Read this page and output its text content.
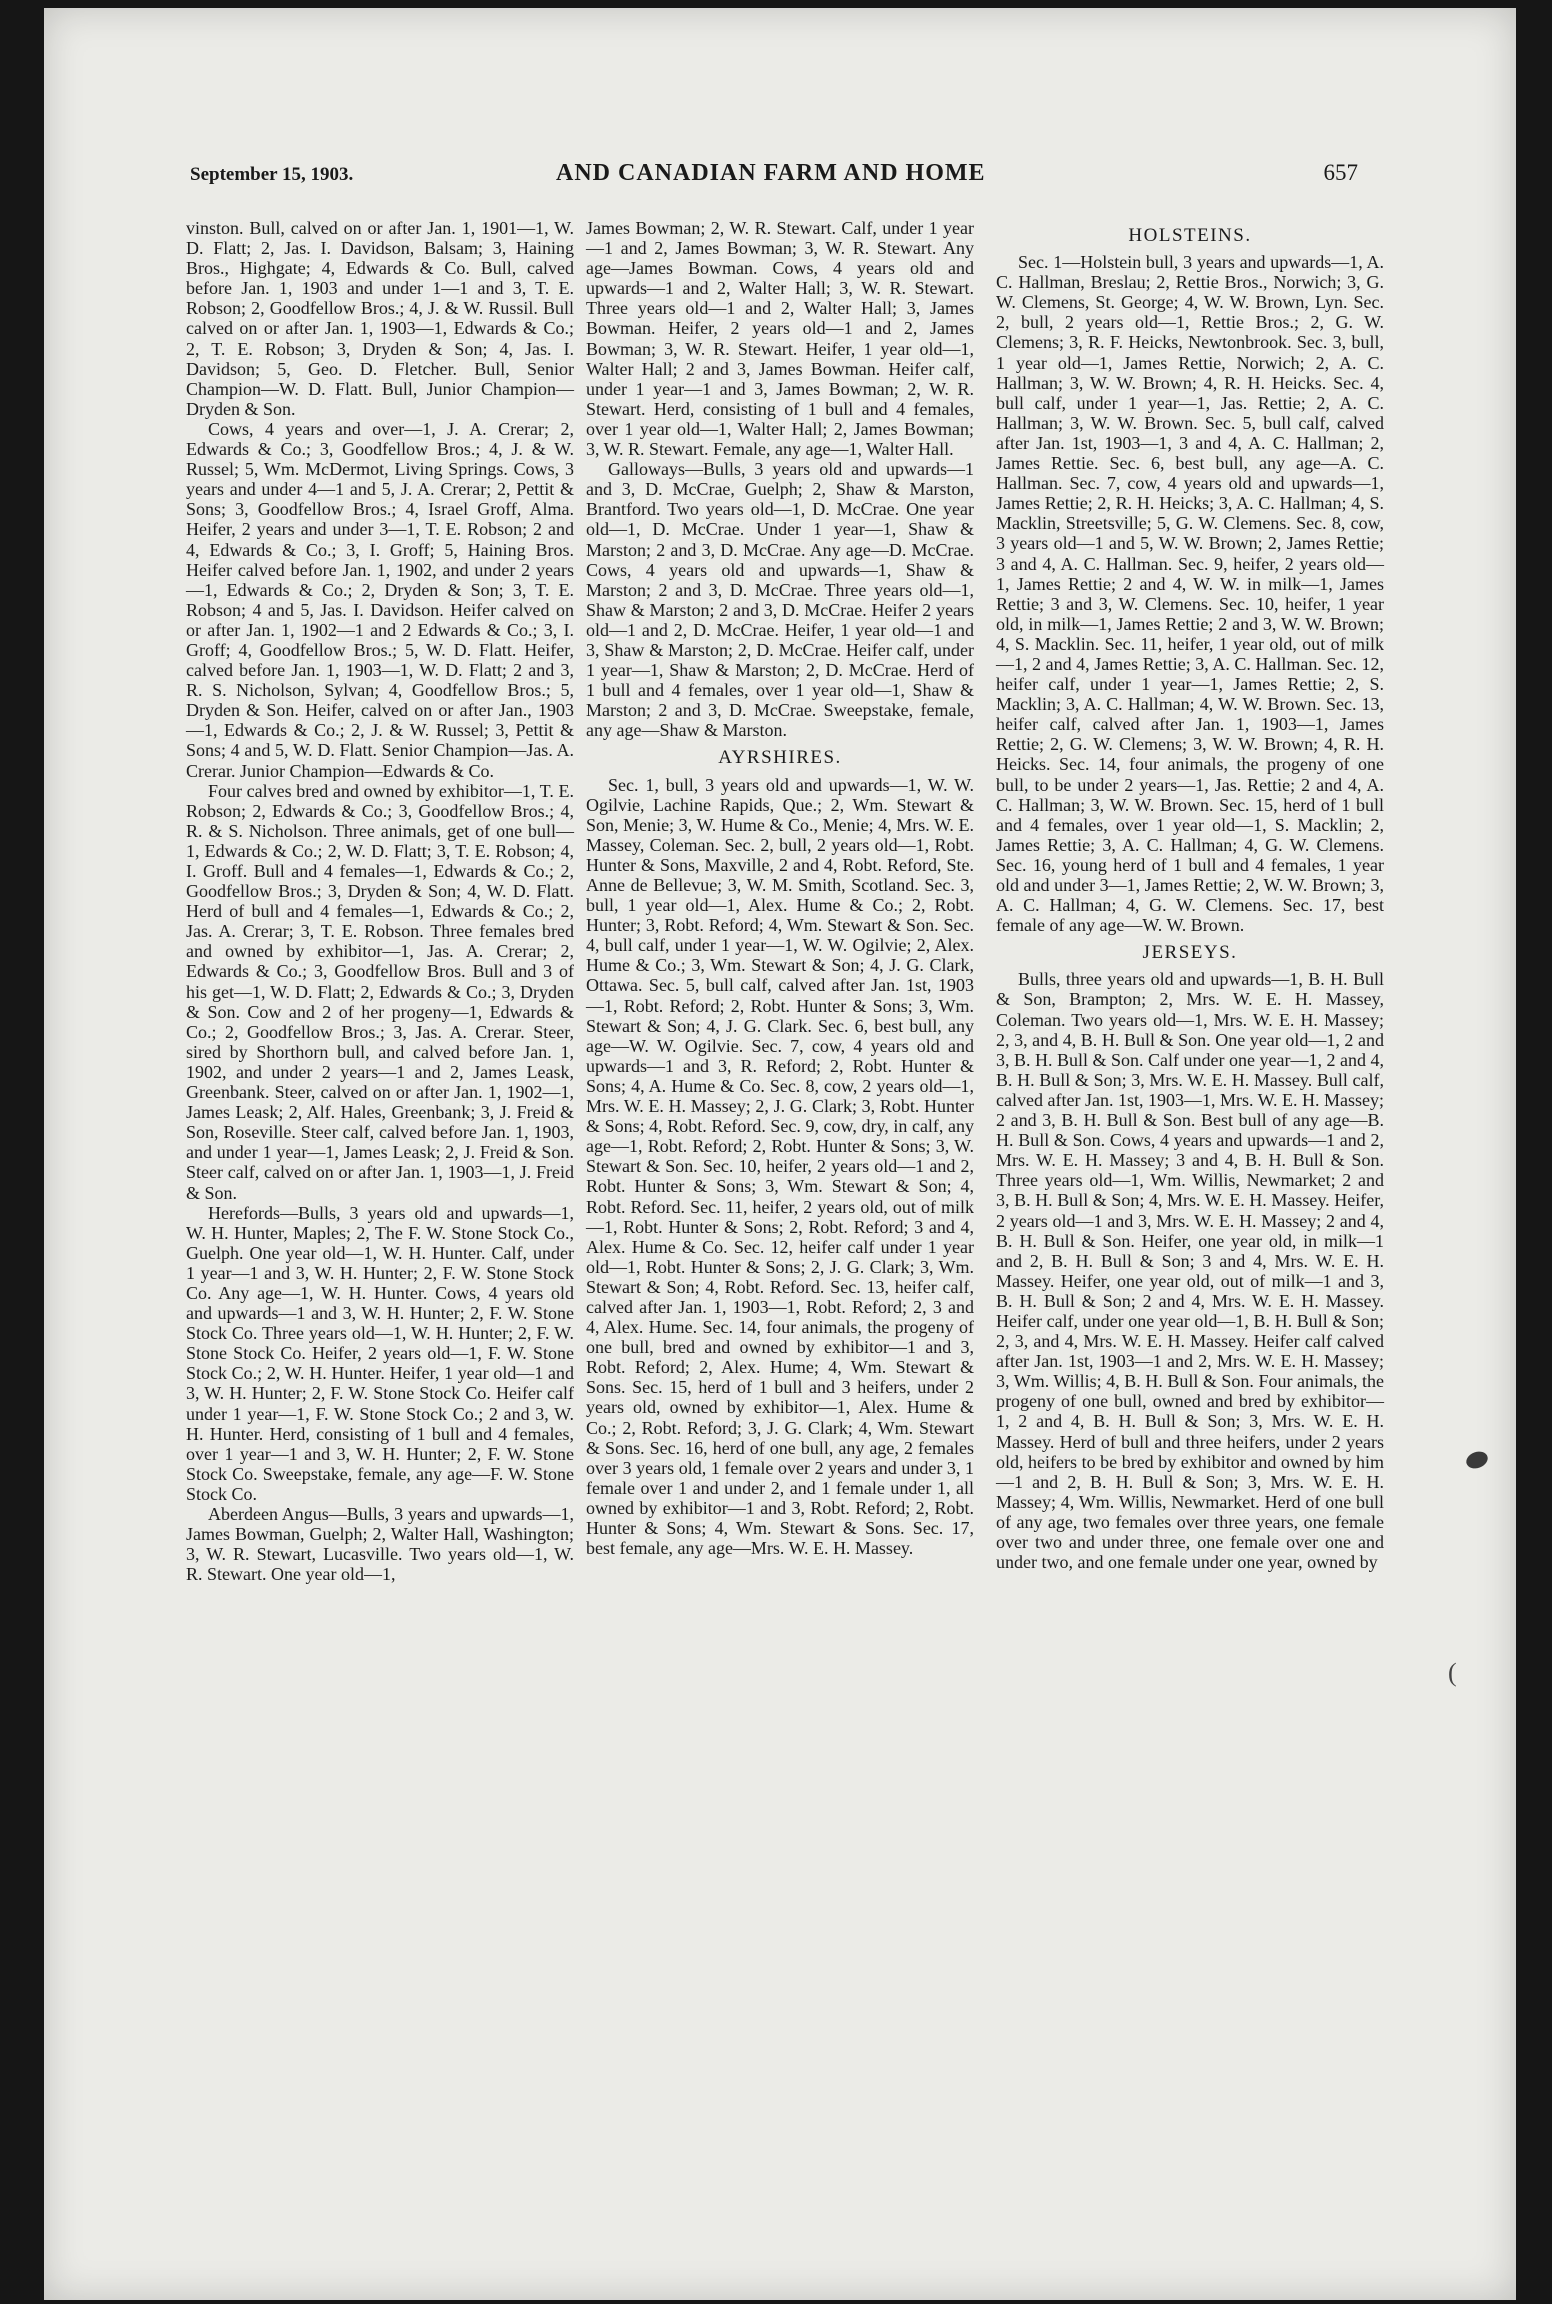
September 15, 1903.	AND CANADIAN FARM AND HOME	657

vinston. Bull, calved on or after Jan. 1, 1901—1, W. D. Flatt; 2, Jas. I. Davidson, Balsam; 3, Haining Bros., Highgate; 4, Edwards & Co. Bull, calved before Jan. 1, 1903 and under 1—1 and 3, T. E. Robson; 2, Goodfellow Bros.; 4, J. & W. Russil. Bull calved on or after Jan. 1, 1903—1, Edwards & Co.; 2, T. E. Robson; 3, Dryden & Son; 4, Jas. I. Davidson; 5, Geo. D. Fletcher. Bull, Senior Champion—W. D. Flatt. Bull, Junior Champion—Dryden & Son.

Cows, 4 years and over—1, J. A. Crerar; 2, Edwards & Co.; 3, Goodfellow Bros.; 4, J. & W. Russel; 5, Wm. McDermot, Living Springs. Cows, 3 years and under 4—1 and 5, J. A. Crerar; 2, Pettit & Sons; 3, Goodfellow Bros.; 4, Israel Groff, Alma. Heifer, 2 years and under 3—1, T. E. Robson; 2 and 4, Edwards & Co.; 3, I. Groff; 5, Haining Bros. Heifer calved before Jan. 1, 1902, and under 2 years—1, Edwards & Co.; 2, Dryden & Son; 3, T. E. Robson; 4 and 5, Jas. I. Davidson. Heifer calved on or after Jan. 1, 1902—1 and 2 Edwards & Co.; 3, I. Groff; 4, Goodfellow Bros.; 5, W. D. Flatt. Heifer, calved before Jan. 1, 1903—1, W. D. Flatt; 2 and 3, R. S. Nicholson, Sylvan; 4, Goodfellow Bros.; 5, Dryden & Son. Heifer, calved on or after Jan., 1903—1, Edwards & Co.; 2, J. & W. Russel; 3, Pettit & Sons; 4 and 5, W. D. Flatt. Senior Champion—Jas. A. Crerar. Junior Champion—Edwards & Co.

Four calves bred and owned by exhibitor—1, T. E. Robson; 2, Edwards & Co.; 3, Goodfellow Bros.; 4, R. & S. Nicholson. Three animals, get of one bull—1, Edwards & Co.; 2, W. D. Flatt; 3, T. E. Robson; 4, I. Groff. Bull and 4 females—1, Edwards & Co.; 2, Goodfellow Bros.; 3, Dryden & Son; 4, W. D. Flatt. Herd of bull and 4 females—1, Edwards & Co.; 2, Jas. A. Crerar; 3, T. E. Robson. Three females bred and owned by exhibitor—1, Jas. A. Crerar; 2, Edwards & Co.; 3, Goodfellow Bros. Bull and 3 of his get—1, W. D. Flatt; 2, Edwards & Co.; 3, Dryden & Son. Cow and 2 of her progeny—1, Edwards & Co.; 2, Goodfellow Bros.; 3, Jas. A. Crerar. Steer, sired by Shorthorn bull, and calved before Jan. 1, 1902, and under 2 years—1 and 2, James Leask, Greenbank. Steer, calved on or after Jan. 1, 1902—1, James Leask; 2, Alf. Hales, Greenbank; 3, J. Freid & Son, Roseville. Steer calf, calved before Jan. 1, 1903, and under 1 year—1, James Leask; 2, J. Freid & Son. Steer calf, calved on or after Jan. 1, 1903—1, J. Freid & Son.

Herefords—Bulls, 3 years old and upwards—1, W. H. Hunter, Maples; 2, The F. W. Stone Stock Co., Guelph. One year old—1, W. H. Hunter. Calf, under 1 year—1 and 3, W. H. Hunter; 2, F. W. Stone Stock Co. Any age—1, W. H. Hunter. Cows, 4 years old and upwards—1 and 3, W. H. Hunter; 2, F. W. Stone Stock Co. Three years old—1, W. H. Hunter; 2, F. W. Stone Stock Co. Heifer, 2 years old—1, F. W. Stone Stock Co.; 2, W. H. Hunter. Heifer, 1 year old—1 and 3, W. H. Hunter; 2, F. W. Stone Stock Co. Heifer calf under 1 year—1, F. W. Stone Stock Co.; 2 and 3, W. H. Hunter. Herd, consisting of 1 bull and 4 females, over 1 year—1 and 3, W. H. Hunter; 2, F. W. Stone Stock Co. Sweepstake, female, any age—F. W. Stone Stock Co.

Aberdeen Angus—Bulls, 3 years and upwards—1, James Bowman, Guelph; 2, Walter Hall, Washington; 3, W. R. Stewart, Lucasville. Two years old—1, W. R. Stewart. One year old—1,

James Bowman; 2, W. R. Stewart. Calf, under 1 year—1 and 2, James Bowman; 3, W. R. Stewart. Any age—James Bowman. Cows, 4 years old and upwards—1 and 2, Walter Hall; 3, W. R. Stewart. Three years old—1 and 2, Walter Hall; 3, James Bowman. Heifer, 2 years old—1 and 2, James Bowman; 3, W. R. Stewart. Heifer, 1 year old—1, Walter Hall; 2 and 3, James Bowman. Heifer calf, under 1 year—1 and 3, James Bowman; 2, W. R. Stewart. Herd, consisting of 1 bull and 4 females, over 1 year old—1, Walter Hall; 2, James Bowman; 3, W. R. Stewart. Female, any age—1, Walter Hall.

Galloways—Bulls, 3 years old and upwards—1 and 3, D. McCrae, Guelph; 2, Shaw & Marston, Brantford. Two years old—1, D. McCrae. One year old—1, D. McCrae. Under 1 year—1, Shaw & Marston; 2 and 3, D. McCrae. Any age—D. McCrae. Cows, 4 years old and upwards—1, Shaw & Marston; 2 and 3, D. McCrae. Three years old—1, Shaw & Marston; 2 and 3, D. McCrae. Heifer 2 years old—1 and 2, D. McCrae. Heifer, 1 year old—1 and 3, Shaw & Marston; 2, D. McCrae. Heifer calf, under 1 year—1, Shaw & Marston; 2, D. McCrae. Herd of 1 bull and 4 females, over 1 year old—1, Shaw & Marston; 2 and 3, D. McCrae. Sweepstake, female, any age—Shaw & Marston.

AYRSHIRES.

Sec. 1, bull, 3 years old and upwards—1, W. W. Ogilvie, Lachine Rapids, Que.; 2, Wm. Stewart & Son, Menie; 3, W. Hume & Co., Menie; 4, Mrs. W. E. Massey, Coleman. Sec. 2, bull, 2 years old—1, Robt. Hunter & Sons, Maxville, 2 and 4, Robt. Reford, Ste. Anne de Bellevue; 3, W. M. Smith, Scotland. Sec. 3, bull, 1 year old—1, Alex. Hume & Co.; 2, Robt. Hunter; 3, Robt. Reford; 4, Wm. Stewart & Son. Sec. 4, bull calf, under 1 year—1, W. W. Ogilvie; 2, Alex. Hume & Co.; 3, Wm. Stewart & Son; 4, J. G. Clark, Ottawa. Sec. 5, bull calf, calved after Jan. 1st, 1903—1, Robt. Reford; 2, Robt. Hunter & Sons; 3, Wm. Stewart & Son; 4, J. G. Clark. Sec. 6, best bull, any age—W. W. Ogilvie. Sec. 7, cow, 4 years old and upwards—1 and 3, R. Reford; 2, Robt. Hunter & Sons; 4, A. Hume & Co. Sec. 8, cow, 2 years old—1, Mrs. W. E. H. Massey; 2, J. G. Clark; 3, Robt. Hunter & Sons; 4, Robt. Reford. Sec. 9, cow, dry, in calf, any age—1, Robt. Reford; 2, Robt. Hunter & Sons; 3, W. Stewart & Son. Sec. 10, heifer, 2 years old—1 and 2, Robt. Hunter & Sons; 3, Wm. Stewart & Son; 4, Robt. Reford. Sec. 11, heifer, 2 years old, out of milk—1, Robt. Hunter & Sons; 2, Robt. Reford; 3 and 4, Alex. Hume & Co. Sec. 12, heifer calf under 1 year old—1, Robt. Hunter & Sons; 2, J. G. Clark; 3, Wm. Stewart & Son; 4, Robt. Reford. Sec. 13, heifer calf, calved after Jan. 1, 1903—1, Robt. Reford; 2, 3 and 4, Alex. Hume. Sec. 14, four animals, the progeny of one bull, bred and owned by exhibitor—1 and 3, Robt. Reford; 2, Alex. Hume; 4, Wm. Stewart & Sons. Sec. 15, herd of 1 bull and 3 heifers, under 2 years old, owned by exhibitor—1, Alex. Hume & Co.; 2, Robt. Reford; 3, J. G. Clark; 4, Wm. Stewart & Sons. Sec. 16, herd of one bull, any age, 2 females over 3 years old, 1 female over 2 years and under 3, 1 female over 1 and under 2, and 1 female under 1, all owned by exhibitor—1 and 3, Robt. Reford; 2, Robt. Hunter & Sons; 4, Wm. Stewart & Sons. Sec. 17, best female, any age—Mrs. W. E. H. Massey.

HOLSTEINS.

Sec. 1—Holstein bull, 3 years and upwards—1, A. C. Hallman, Breslau; 2, Rettie Bros., Norwich; 3, G. W. Clemens, St. George; 4, W. W. Brown, Lyn. Sec. 2, bull, 2 years old—1, Rettie Bros.; 2, G. W. Clemens; 3, R. F. Heicks, Newtonbrook. Sec. 3, bull, 1 year old—1, James Rettie, Norwich; 2, A. C. Hallman; 3, W. W. Brown; 4, R. H. Heicks. Sec. 4, bull calf, under 1 year—1, Jas. Rettie; 2, A. C. Hallman; 3, W. W. Brown. Sec. 5, bull calf, calved after Jan. 1st, 1903—1, 3 and 4, A. C. Hallman; 2, James Rettie. Sec. 6, best bull, any age—A. C. Hallman. Sec. 7, cow, 4 years old and upwards—1, James Rettie; 2, R. H. Heicks; 3, A. C. Hallman; 4, S. Macklin, Streetsville; 5, G. W. Clemens. Sec. 8, cow, 3 years old—1 and 5, W. W. Brown; 2, James Rettie; 3 and 4, A. C. Hallman. Sec. 9, heifer, 2 years old—1, James Rettie; 2 and 4, W. W. in milk—1, James Rettie; 3 and 3, W. Clemens. Sec. 10, heifer, 1 year old, in milk—1, James Rettie; 2 and 3, W. W. Brown; 4, S. Macklin. Sec. 11, heifer, 1 year old, out of milk—1, 2 and 4, James Rettie; 3, A. C. Hallman. Sec. 12, heifer calf, under 1 year—1, James Rettie; 2, S. Macklin; 3, A. C. Hallman; 4, W. W. Brown. Sec. 13, heifer calf, calved after Jan. 1, 1903—1, James Rettie; 2, G. W. Clemens; 3, W. W. Brown; 4, R. H. Heicks. Sec. 14, four animals, the progeny of one bull, to be under 2 years—1, Jas. Rettie; 2 and 4, A. C. Hallman; 3, W. W. Brown. Sec. 15, herd of 1 bull and 4 females, over 1 year old—1, S. Macklin; 2, James Rettie; 3, A. C. Hallman; 4, G. W. Clemens. Sec. 16, young herd of 1 bull and 4 females, 1 year old and under 3—1, James Rettie; 2, W. W. Brown; 3, A. C. Hallman; 4, G. W. Clemens. Sec. 17, best female of any age—W. W. Brown.

JERSEYS.

Bulls, three years old and upwards—1, B. H. Bull & Son, Brampton; 2, Mrs. W. E. H. Massey, Coleman. Two years old—1, Mrs. W. E. H. Massey; 2, 3, and 4, B. H. Bull & Son. One year old—1, 2 and 3, B. H. Bull & Son. Calf under one year—1, 2 and 4, B. H. Bull & Son; 3, Mrs. W. E. H. Massey. Bull calf, calved after Jan. 1st, 1903—1, Mrs. W. E. H. Massey; 2 and 3, B. H. Bull & Son. Best bull of any age—B. H. Bull & Son. Cows, 4 years and upwards—1 and 2, Mrs. W. E. H. Massey; 3 and 4, B. H. Bull & Son. Three years old—1, Wm. Willis, Newmarket; 2 and 3, B. H. Bull & Son; 4, Mrs. W. E. H. Massey. Heifer, 2 years old—1 and 3, Mrs. W. E. H. Massey; 2 and 4, B. H. Bull & Son. Heifer, one year old, in milk—1 and 2, B. H. Bull & Son; 3 and 4, Mrs. W. E. H. Massey. Heifer, one year old, out of milk—1 and 3, B. H. Bull & Son; 2 and 4, Mrs. W. E. H. Massey. Heifer calf, under one year old—1, B. H. Bull & Son; 2, 3, and 4, Mrs. W. E. H. Massey. Heifer calf calved after Jan. 1st, 1903—1 and 2, Mrs. W. E. H. Massey; 3, Wm. Willis; 4, B. H. Bull & Son. Four animals, the progeny of one bull, owned and bred by exhibitor—1, 2 and 4, B. H. Bull & Son; 3, Mrs. W. E. H. Massey. Herd of bull and three heifers, under 2 years old, heifers to be bred by exhibitor and owned by him—1 and 2, B. H. Bull & Son; 3, Mrs. W. E. H. Massey; 4, Wm. Willis, Newmarket. Herd of one bull of any age, two females over three years, one female over two and under three, one female over one and under two, and one female under one year, owned by

(
